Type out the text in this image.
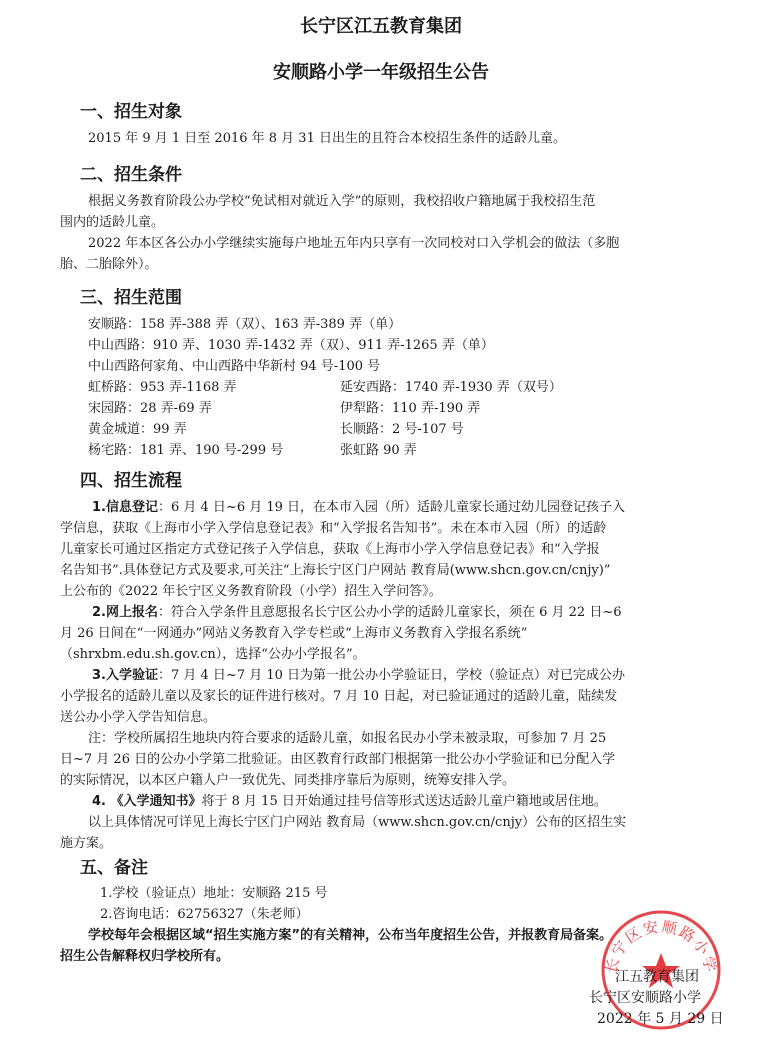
长宁区江五教育集团
安顺路小学一年级招生公告
一、招生对象
2015 年 9 月 1 日至 2016 年 8 月 31 日出生的且符合本校招生条件的适龄儿童。
二、招生条件
根据义务教育阶段公办学校“免试相对就近入学”的原则，我校招收户籍地属于我校招生范
围内的适龄儿童。
2022 年本区各公办小学继续实施每户地址五年内只享有一次同校对口入学机会的做法（多胞
胎、二胎除外）。
三、招生范围
安顺路：158 弄-388 弄（双）、163 弄-389 弄（单）
中山西路：910 弄、1030 弄-1432 弄（双）、911 弄-1265 弄（单）
中山西路何家角、中山西路中华新村 94 号-100 号
虹桥路：953 弄-1168 弄	延安西路：1740 弄-1930 弄（双号）
宋园路：28 弄-69 弄	伊犁路：110 弄-190 弄
黄金城道：99 弄	长顺路：2 号-107 号
杨宅路：181 弄、190 号-299 号	张虹路 90 弄
四、招生流程
1.信息登记：6 月 4 日~6 月 19 日，在本市入园（所）适龄儿童家长通过幼儿园登记孩子入
学信息，获取《上海市小学入学信息登记表》和“入学报名告知书”。未在本市入园（所）的适龄
儿童家长可通过区指定方式登记孩子入学信息，获取《上海市小学入学信息登记表》和“入学报
名告知书”.具体登记方式及要求,可关注“上海长宁区门户网站 教育局(www.shcn.gov.cn/cnjy)”
上公布的《2022 年长宁区义务教育阶段（小学）招生入学问答》。
2.网上报名：符合入学条件且意愿报名长宁区公办小学的适龄儿童家长，须在 6 月 22 日~6
月 26 日间在“一网通办”网站义务教育入学专栏或“上海市义务教育入学报名系统”
（shrxbm.edu.sh.gov.cn），选择“公办小学报名”。
3.入学验证：7 月 4 日~7 月 10 日为第一批公办小学验证日，学校（验证点）对已完成公办
小学报名的适龄儿童以及家长的证件进行核对。7 月 10 日起，对已验证通过的适龄儿童，陆续发
送公办小学入学告知信息。
注：学校所属招生地块内符合要求的适龄儿童，如报名民办小学未被录取，可参加 7 月 25
日~7 月 26 日的公办小学第二批验证。由区教育行政部门根据第一批公办小学验证和已分配入学
的实际情况，以本区户籍人户一致优先、同类排序靠后为原则，统筹安排入学。
4. 《入学通知书》将于 8 月 15 日开始通过挂号信等形式送达适龄儿童户籍地或居住地。
以上具体情况可详见上海长宁区门户网站 教育局（www.shcn.gov.cn/cnjy）公布的区招生实
施方案。
五、备注
1.学校（验证点）地址：安顺路 215 号
2.咨询电话：62756327（朱老师）
学校每年会根据区域“招生实施方案”的有关精神，公布当年度招生公告，并报教育局备案。
招生公告解释权归学校所有。	长宁区安顺路小学
江五教育集团
长宁区安顺路小学
2022 年 5 月 29 日
